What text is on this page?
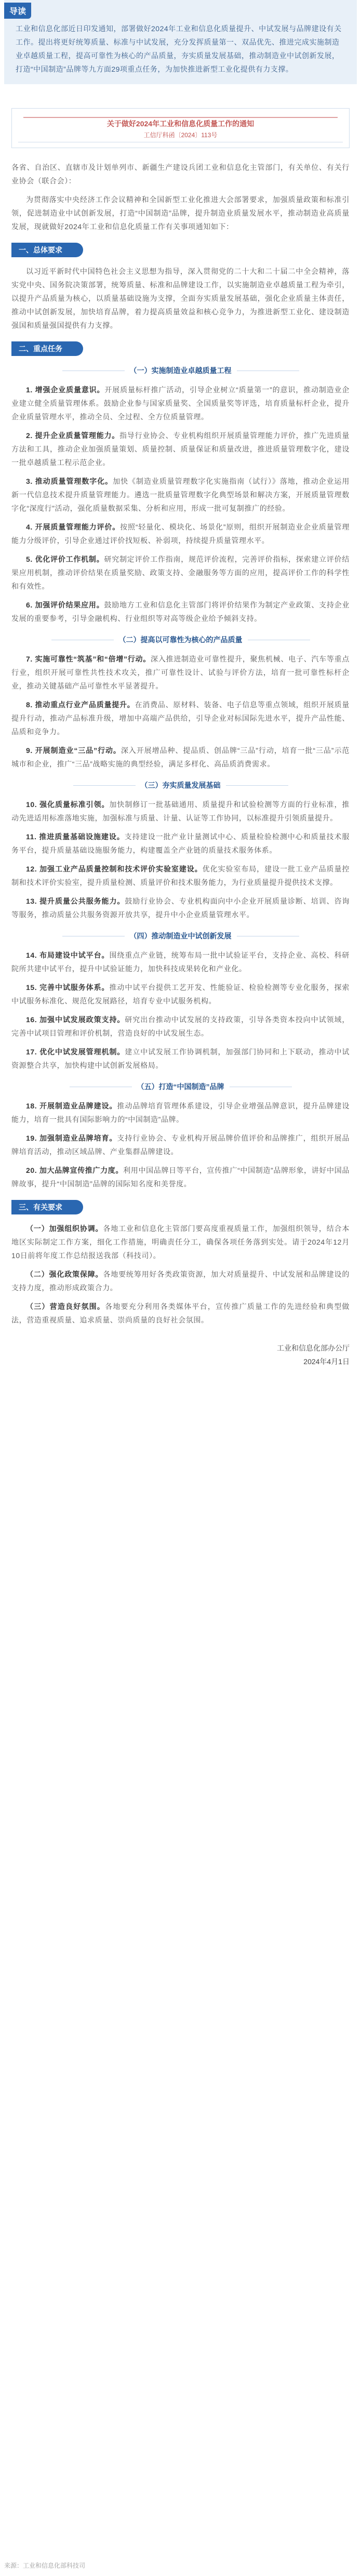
导读

工业和信息化部近日印发通知，部署做好2024年工业和信息化质量提升、中试发展与品牌建设有关工作。提出将更好统筹质量、标准与中试发展，充分发挥质量第一、双品优先、推进完成实施制造业卓越质量工程，提高可靠性为核心的产品质量，夯实质量发展基础，推动制造业中试创新发展，打造“中国制造”品牌等九方面29项重点任务，为加快推进新型工业化提供有力支撑。

关于做好2024年工业和信息化质量工作的通知

工信厅科函〔2024〕113号

各省、自治区、直辖市及计划单列市、新疆生产建设兵团工业和信息化主管部门，有关单位、有关行业协会（联合会）：

为贯彻落实中央经济工作会议精神和全国新型工业化推进大会部署要求，加强质量政策和标准引领，促进制造业中试创新发展，打造“中国制造”品牌，提升制造业质量发展水平，推动制造业高质量发展，现就做好2024年工业和信息化质量工作有关事项通知如下：

一、总体要求

以习近平新时代中国特色社会主义思想为指导，深入贯彻党的二十大和二十届二中全会精神，落实党中央、国务院决策部署，统筹质量、标准和品牌建设工作，以实施制造业卓越质量工程为牵引，以提升产品质量为核心，以质量基础设施为支撑，全面夯实质量发展基础，强化企业质量主体责任，推动中试创新发展，加快培育品牌，着力提高质量效益和核心竞争力，为推进新型工业化、建设制造强国和质量强国提供有力支撑。

二、重点任务
（一）实施制造业卓越质量工程

1. 增强企业质量意识。开展质量标杆推广活动，引导企业树立“质量第一”的意识，推动制造业企业建立健全质量管理体系。鼓励企业参与国家质量奖、全国质量奖等评选，培育质量标杆企业，提升企业质量管理水平，推动全员、全过程、全方位质量管理。

2. 提升企业质量管理能力。指导行业协会、专业机构组织开展质量管理能力评价，推广先进质量方法和工具，推动企业加强质量策划、质量控制、质量保证和质量改进，推进质量管理数字化，建设一批卓越质量工程示范企业。

3. 推动质量管理数字化。加快《制造业质量管理数字化实施指南（试行）》落地，推动企业运用新一代信息技术提升质量管理能力。遴选一批质量管理数字化典型场景和解决方案，开展质量管理数字化“深度行”活动，强化质量数据采集、分析和应用，形成一批可复制推广的经验。

4. 开展质量管理能力评价。按照“轻量化、模块化、场景化”原则，组织开展制造业企业质量管理能力分级评价，引导企业通过评价找短板、补弱项，持续提升质量管理水平。

5. 优化评价工作机制。研究制定评价工作指南，规范评价流程，完善评价指标，探索建立评价结果应用机制，推动评价结果在质量奖励、政策支持、金融服务等方面的应用，提高评价工作的科学性和有效性。

6. 加强评价结果应用。鼓励地方工业和信息化主管部门将评价结果作为制定产业政策、支持企业发展的重要参考，引导金融机构、行业组织等对高等级企业给予倾斜支持。

（二）提高以可靠性为核心的产品质量

7. 实施可靠性“筑基”和“倍增”行动。深入推进制造业可靠性提升，聚焦机械、电子、汽车等重点行业，组织开展可靠性共性技术攻关，推广可靠性设计、试验与评价方法，培育一批可靠性标杆企业，推动关键基础产品可靠性水平显著提升。

8. 推动重点行业产品质量提升。在消费品、原材料、装备、电子信息等重点领域，组织开展质量提升行动，推动产品标准升级，增加中高端产品供给，引导企业对标国际先进水平，提升产品性能、品质和竞争力。

9. 开展制造业“三品”行动。深入开展增品种、提品质、创品牌“三品”行动，培育一批“三品”示范城市和企业，推广“三品”战略实施的典型经验，满足多样化、高品质消费需求。

（三）夯实质量发展基础

10. 强化质量标准引领。加快制修订一批基础通用、质量提升和试验检测等方面的行业标准，推动先进适用标准落地实施，加强标准与质量、计量、认证等工作协同，以标准提升引领质量提升。

11. 推进质量基础设施建设。支持建设一批产业计量测试中心、质量检验检测中心和质量技术服务平台，提升质量基础设施服务能力，构建覆盖全产业链的质量技术服务体系。

12. 加强工业产品质量控制和技术评价实验室建设。优化实验室布局，建设一批工业产品质量控制和技术评价实验室，提升质量检测、质量评价和技术服务能力，为行业质量提升提供技术支撑。

13. 提升质量公共服务能力。鼓励行业协会、专业机构面向中小企业开展质量诊断、培训、咨询等服务，推动质量公共服务资源开放共享，提升中小企业质量管理水平。

（四）推动制造业中试创新发展

14. 布局建设中试平台。围绕重点产业链，统筹布局一批中试验证平台，支持企业、高校、科研院所共建中试平台，提升中试验证能力，加快科技成果转化和产业化。

15. 完善中试服务体系。推动中试平台提供工艺开发、性能验证、检验检测等专业化服务，探索中试服务标准化、规范化发展路径，培育专业中试服务机构。

16. 加强中试发展政策支持。研究出台推动中试发展的支持政策，引导各类资本投向中试领域，完善中试项目管理和评价机制，营造良好的中试发展生态。

17. 优化中试发展管理机制。建立中试发展工作协调机制，加强部门协同和上下联动，推动中试资源整合共享，加快构建中试创新发展格局。

（五）打造“中国制造”品牌

18. 开展制造业品牌建设。推动品牌培育管理体系建设，引导企业增强品牌意识，提升品牌建设能力，培育一批具有国际影响力的“中国制造”品牌。

19. 加强制造业品牌培育。支持行业协会、专业机构开展品牌价值评价和品牌推广，组织开展品牌培育活动，推动区域品牌、产业集群品牌建设。

20. 加大品牌宣传推广力度。利用中国品牌日等平台，宣传推广“中国制造”品牌形象，讲好中国品牌故事，提升“中国制造”品牌的国际知名度和美誉度。

三、有关要求

（一）加强组织协调。各地工业和信息化主管部门要高度重视质量工作，加强组织领导，结合本地区实际制定工作方案，细化工作措施，明确责任分工，确保各项任务落到实处。请于2024年12月10日前将年度工作总结报送我部（科技司）。

（二）强化政策保障。各地要统筹用好各类政策资源，加大对质量提升、中试发展和品牌建设的支持力度，推动形成政策合力。

（三）营造良好氛围。各地要充分利用各类媒体平台，宣传推广质量工作的先进经验和典型做法，营造重视质量、追求质量、崇尚质量的良好社会氛围。

工业和信息化部办公厅
2024年4月1日
来源：工业和信息化部科技司
